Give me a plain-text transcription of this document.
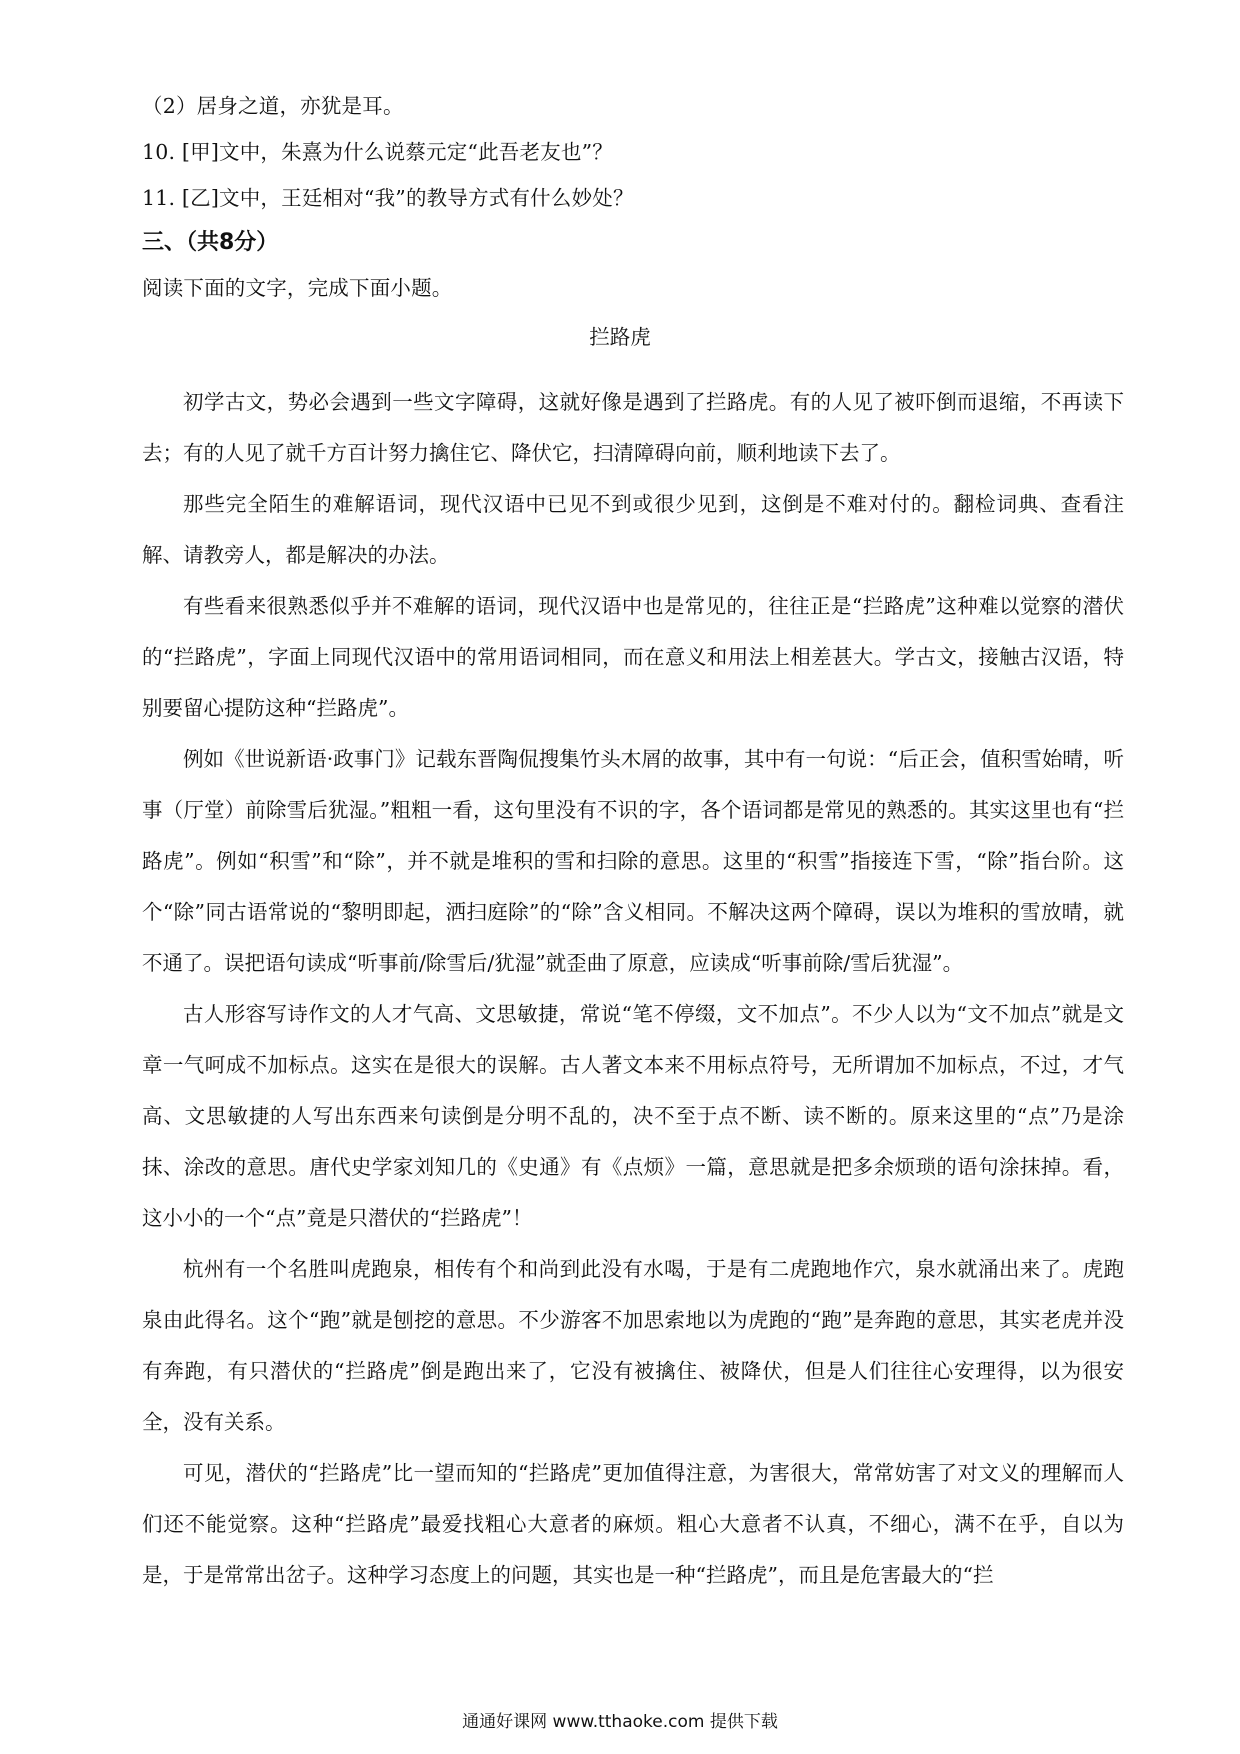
（2）居身之道，亦犹是耳。
10. [甲]文中，朱熹为什么说蔡元定“此吾老友也”？
11. [乙]文中，王廷相对“我”的教导方式有什么妙处？
三、（共8分）
阅读下面的文字，完成下面小题。
拦路虎

初学古文，势必会遇到一些文字障碍，这就好像是遇到了拦路虎。有的人见了被吓倒而退缩，不再读下去；有的人见了就千方百计努力擒住它、降伏它，扫清障碍向前，顺利地读下去了。

那些完全陌生的难解语词，现代汉语中已见不到或很少见到，这倒是不难对付的。翻检词典、查看注解、请教旁人，都是解决的办法。

有些看来很熟悉似乎并不难解的语词，现代汉语中也是常见的，往往正是“拦路虎”这种难以觉察的潜伏的“拦路虎”，字面上同现代汉语中的常用语词相同，而在意义和用法上相差甚大。学古文，接触古汉语，特别要留心提防这种“拦路虎”。

例如《世说新语·政事门》记载东晋陶侃搜集竹头木屑的故事，其中有一句说：“后正会，值积雪始晴，听事（厅堂）前除雪后犹湿。”粗粗一看，这句里没有不识的字，各个语词都是常见的熟悉的。其实这里也有“拦路虎”。例如“积雪”和“除”，并不就是堆积的雪和扫除的意思。这里的“积雪”指接连下雪，“除”指台阶。这个“除”同古语常说的“黎明即起，洒扫庭除”的“除”含义相同。不解决这两个障碍，误以为堆积的雪放晴，就不通了。误把语句读成“听事前/除雪后/犹湿”就歪曲了原意，应读成“听事前除/雪后犹湿”。

古人形容写诗作文的人才气高、文思敏捷，常说“笔不停缀，文不加点”。不少人以为“文不加点”就是文章一气呵成不加标点。这实在是很大的误解。古人著文本来不用标点符号，无所谓加不加标点，不过，才气高、文思敏捷的人写出东西来句读倒是分明不乱的，决不至于点不断、读不断的。原来这里的“点”乃是涂抹、涂改的意思。唐代史学家刘知几的《史通》有《点烦》一篇，意思就是把多余烦琐的语句涂抹掉。看，这小小的一个“点”竟是只潜伏的“拦路虎”！

杭州有一个名胜叫虎跑泉，相传有个和尚到此没有水喝，于是有二虎跑地作穴，泉水就涌出来了。虎跑泉由此得名。这个“跑”就是刨挖的意思。不少游客不加思索地以为虎跑的“跑”是奔跑的意思，其实老虎并没有奔跑，有只潜伏的“拦路虎”倒是跑出来了，它没有被擒住、被降伏，但是人们往往心安理得，以为很安全，没有关系。

可见，潜伏的“拦路虎”比一望而知的“拦路虎”更加值得注意，为害很大，常常妨害了对文义的理解而人们还不能觉察。这种“拦路虎”最爱找粗心大意者的麻烦。粗心大意者不认真，不细心，满不在乎，自以为是，于是常常出岔子。这种学习态度上的问题，其实也是一种“拦路虎”，而且是危害最大的“拦

通通好课网 www.tthaoke.com 提供下载
